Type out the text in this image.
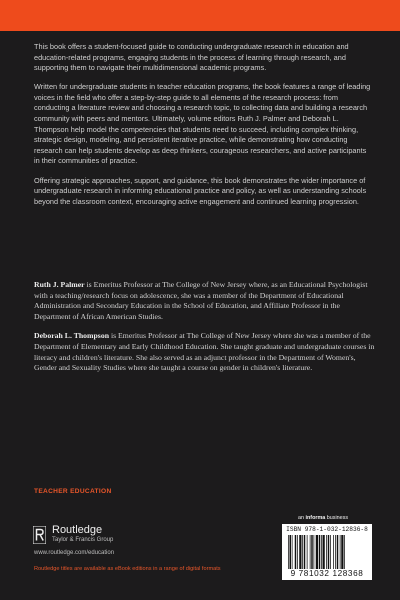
This book offers a student-focused guide to conducting undergraduate research in education and education-related programs, engaging students in the process of learning through research, and supporting them to navigate their multidimensional academic programs.

Written for undergraduate students in teacher education programs, the book features a range of leading voices in the field who offer a step-by-step guide to all elements of the research process: from conducting a literature review and choosing a research topic, to collecting data and building a research community with peers and mentors. Ultimately, volume editors Ruth J. Palmer and Deborah L. Thompson help model the competencies that students need to succeed, including complex thinking, strategic design, modeling, and persistent iterative practice, while demonstrating how conducting research can help students develop as deep thinkers, courageous researchers, and active participants in their communities of practice.

Offering strategic approaches, support, and guidance, this book demonstrates the wider importance of undergraduate research in informing educational practice and policy, as well as understanding schools beyond the classroom context, encouraging active engagement and continued learning progression.

Ruth J. Palmer is Emeritus Professor at The College of New Jersey where, as an Educational Psychologist with a teaching/research focus on adolescence, she was a member of the Department of Educational Administration and Secondary Education in the School of Education, and Affiliate Professor in the Department of African American Studies.

Deborah L. Thompson is Emeritus Professor at The College of New Jersey where she was a member of the Department of Elementary and Early Childhood Education. She taught graduate and undergraduate courses in literacy and children's literature. She also served as an adjunct professor in the Department of Women's, Gender and Sexuality Studies where she taught a course on gender in children's literature.

TEACHER EDUCATION
Routledge
Taylor & Francis Group
www.routledge.com/education
Routledge titles are available as eBook editions in a range of digital formats
an informa business
ISBN 978-1-032-12836-8
9 781032 128368
